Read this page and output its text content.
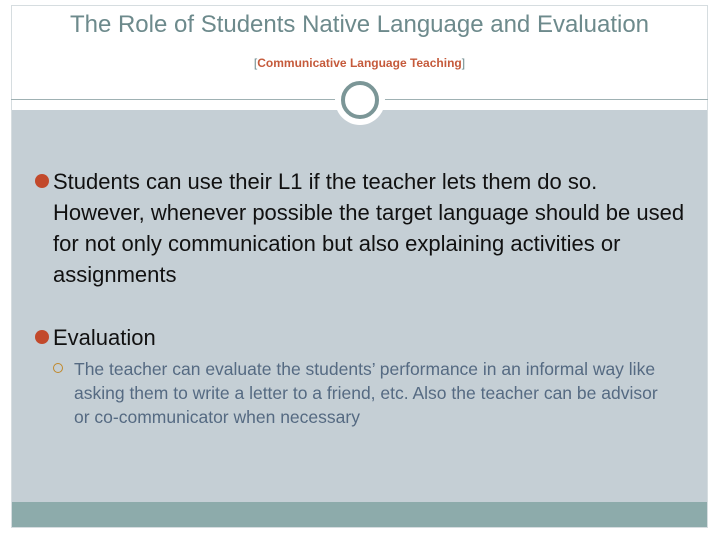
The Role of Students Native Language and Evaluation
[Communicative Language Teaching]
Students can use their L1 if the teacher lets them do so. However, whenever possible the target language should be used for not only communication but also explaining activities or assignments
Evaluation
The teacher can evaluate the students’ performance in an informal way like asking them to write a letter to a friend, etc. Also the teacher can be advisor or co-communicator when necessary
